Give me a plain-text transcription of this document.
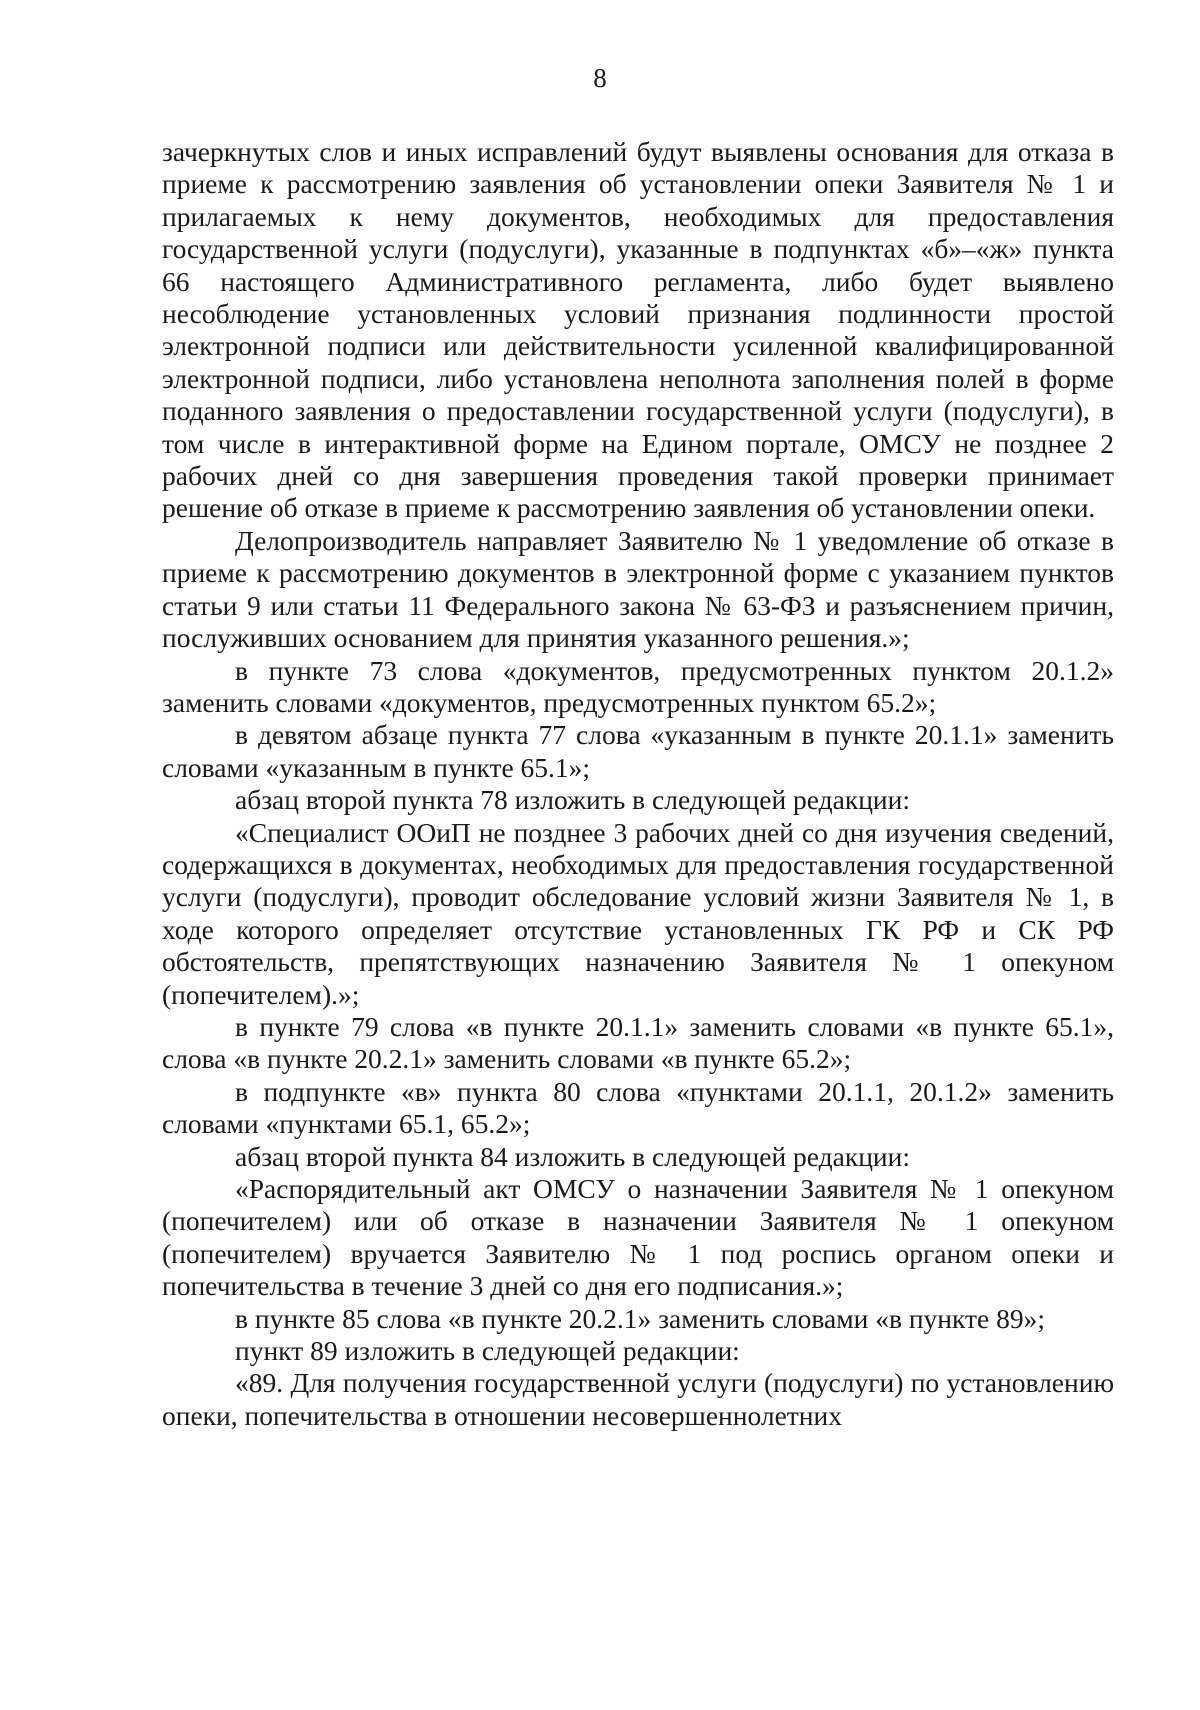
8

зачеркнутых слов и иных исправлений будут выявлены основания для отказа в приеме к рассмотрению заявления об установлении опеки Заявителя № 1 и прилагаемых к нему документов, необходимых для предоставления государственной услуги (подуслуги), указанные в подпунктах «б»–«ж» пункта 66 настоящего Административного регламента, либо будет выявлено несоблюдение установленных условий признания подлинности простой электронной подписи или действительности усиленной квалифицированной электронной подписи, либо установлена неполнота заполнения полей в форме поданного заявления о предоставлении государственной услуги (подуслуги), в том числе в интерактивной форме на Едином портале, ОМСУ не позднее 2 рабочих дней со дня завершения проведения такой проверки принимает решение об отказе в приеме к рассмотрению заявления об установлении опеки.

Делопроизводитель направляет Заявителю № 1 уведомление об отказе в приеме к рассмотрению документов в электронной форме с указанием пунктов статьи 9 или статьи 11 Федерального закона № 63-ФЗ и разъяснением причин, послуживших основанием для принятия указанного решения.»;

в пункте 73 слова «документов, предусмотренных пунктом 20.1.2» заменить словами «документов, предусмотренных пунктом 65.2»;

в девятом абзаце пункта 77 слова «указанным в пункте 20.1.1» заменить словами «указанным в пункте 65.1»;

абзац второй пункта 78 изложить в следующей редакции:

«Специалист ООиП не позднее 3 рабочих дней со дня изучения сведений, содержащихся в документах, необходимых для предоставления государственной услуги (подуслуги), проводит обследование условий жизни Заявителя № 1, в ходе которого определяет отсутствие установленных ГК РФ и СК РФ обстоятельств, препятствующих назначению Заявителя № 1 опекуном (попечителем).»;

в пункте 79 слова «в пункте 20.1.1» заменить словами «в пункте 65.1», слова «в пункте 20.2.1» заменить словами «в пункте 65.2»;

в подпункте «в» пункта 80 слова «пунктами 20.1.1, 20.1.2» заменить словами «пунктами 65.1, 65.2»;

абзац второй пункта 84 изложить в следующей редакции:

«Распорядительный акт ОМСУ о назначении Заявителя № 1 опекуном (попечителем) или об отказе в назначении Заявителя № 1 опекуном (попечителем) вручается Заявителю № 1 под роспись органом опеки и попечительства в течение 3 дней со дня его подписания.»;

в пункте 85 слова «в пункте 20.2.1» заменить словами «в пункте 89»;

пункт 89 изложить в следующей редакции:

«89. Для получения государственной услуги (подуслуги) по установлению опеки, попечительства в отношении несовершеннолетних
